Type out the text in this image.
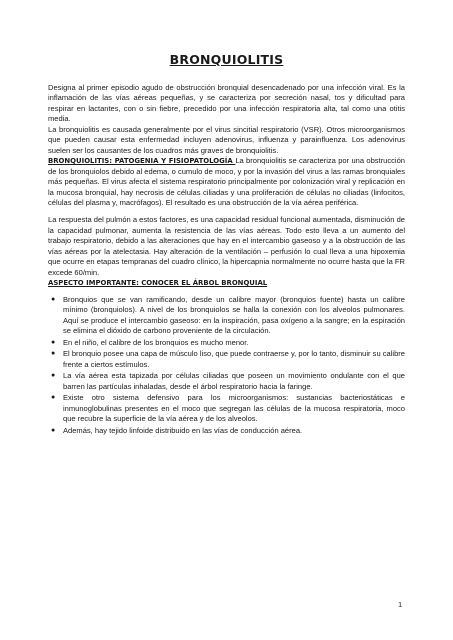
BRONQUIOLITIS

Designa al primer episodio agudo de obstrucción bronquial desencadenado por una infección viral. Es la inflamación de las vías aéreas pequeñas, y se caracteriza por secreción nasal, tos y dificultad para respirar en lactantes, con o sin fiebre, precedido por una infección respiratoria alta, tal como una otitis media.

La bronquiolitis es causada generalmente por el virus sincitial respiratorio (VSR). Otros microorganismos que pueden causar esta enfermedad incluyen adenovirus, influenza y parainfluenza. Los adenovirus suelen ser los causantes de los cuadros más graves de bronquiolitis.

BRONQUIOLITIS: PATOGENIA Y FISIOPATOLOGÍA La bronquiolitis se caracteriza por una obstrucción de los bronquiolos debido al edema, o cumulo de moco, y por la invasión del virus a las ramas bronquiales más pequeñas. El virus afecta el sistema respiratorio principalmente por colonización viral y replicación en la mucosa bronquial, hay necrosis de células ciliadas y una proliferación de células no ciliadas (linfocitos, células del plasma y, macrófagos). El resultado es una obstrucción de la vía aérea periférica.

La respuesta del pulmón a estos factores, es una capacidad residual funcional aumentada, disminución de la capacidad pulmonar, aumenta la resistencia de las vías aéreas. Todo esto lleva a un aumento del trabajo respiratorio, debido a las alteraciones que hay en el intercambio gaseoso y a la obstrucción de las vías aéreas por la atelectasia. Hay alteración de la ventilación – perfusión lo cual lleva a una hipoxemia que ocurre en etapas tempranas del cuadro clínico, la hipercapnia normalmente no ocurre hasta que la FR excede 60/min.

ASPECTO IMPORTANTE: CONOCER EL ÁRBOL BRONQUIAL

● Bronquios que se van ramificando, desde un calibre mayor (bronquios fuente) hasta un calibre mínimo (bronquiolos). A nivel de los bronquiolos se halla la conexión con los alveolos pulmonares. Aquí se produce el intercambio gaseoso: en la inspiración, pasa oxígeno a la sangre; en la espiración se elimina el dióxido de carbono proveniente de la circulación.
● En el niño, el calibre de los bronquios es mucho menor.
● El bronquio posee una capa de músculo liso, que puede contraerse y, por lo tanto, disminuir su calibre frente a ciertos estímulos.
● La vía aérea esta tapizada por células ciliadas que poseen un movimiento ondulante con el que barren las partículas inhaladas, desde el árbol respiratorio hacia la faringe.
● Existe otro sistema defensivo para los microorganismos: sustancias bacteriostáticas e inmunoglobulinas presentes en el moco que segregan las células de la mucosa respiratoria, moco que recubre la superficie de la vía aérea y de los alveolos.
● Además, hay tejido linfoide distribuido en las vías de conducción aérea.
1
